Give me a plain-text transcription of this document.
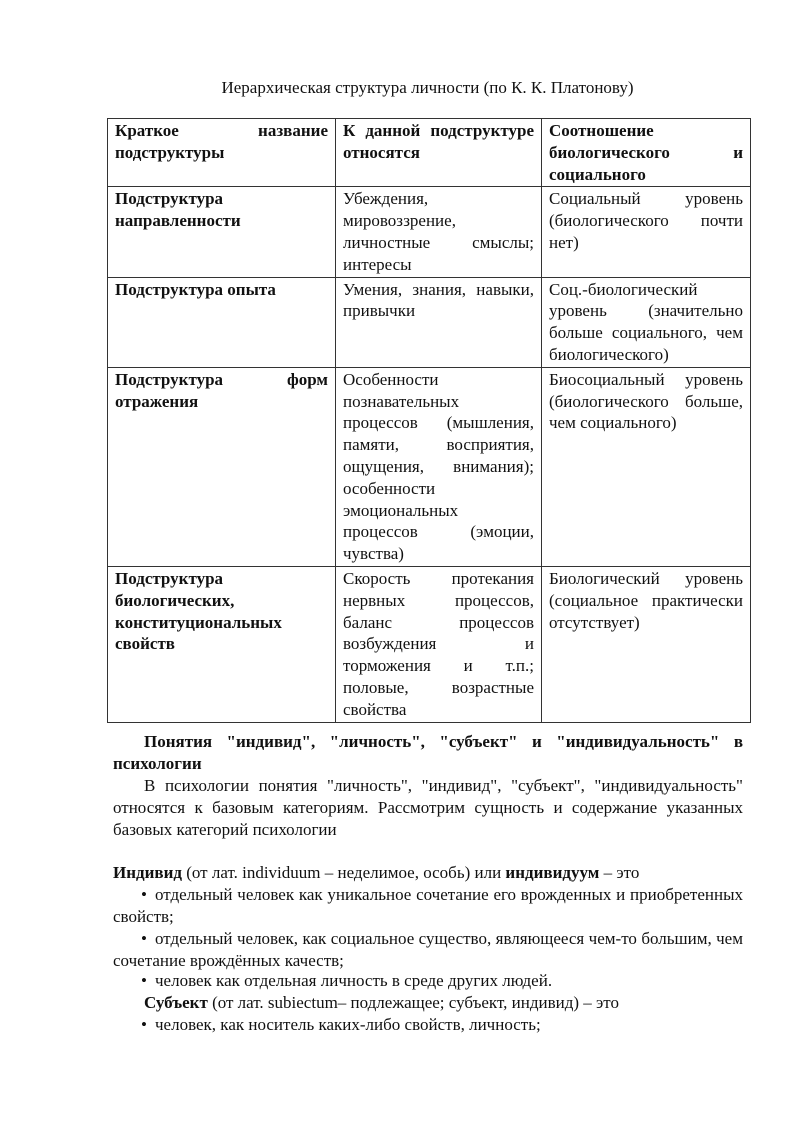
Иерархическая структура личности (по К. К. Платонову)
Краткое название подструктуры	К данной подструктуре относятся	Соотношение биологического и социального
Подструктура направленности	Убеждения, мировоззрение, личностные смыслы; интересы	Социальный уровень (биологического почти нет)
Подструктура опыта	Умения, знания, навыки, привычки	Соц.-биологический уровень (значительно больше социального, чем биологического)
Подструктура форм отражения	Особенности познавательных процессов (мышления, памяти, восприятия, ощущения, внимания); особенности эмоциональных процессов (эмоции, чувства)	Биосоциальный уровень (биологического больше, чем социального)
Подструктура биологических, конституциональных свойств	Скорость протекания нервных процессов, баланс процессов возбуждения и торможения и т.п.; половые, возрастные свойства	Биологический уровень (социальное практически отсутствует)
Понятия "индивид", "личность", "субъект" и "индивидуальность" в психологии
В психологии понятия "личность", "индивид", "субъект", "индивидуальность" относятся к базовым категориям. Рассмотрим сущность и содержание указанных базовых категорий психологии
Индивид (от лат. individuum – неделимое, особь) или индивидуум – это
• отдельный человек как уникальное сочетание его врожденных и приобретенных свойств;
• отдельный человек, как социальное существо, являющееся чем-то большим, чем сочетание врождённых качеств;
• человек как отдельная личность в среде других людей.
Субъект (от лат. subiectum– подлежащее; субъект, индивид) – это
• человек, как носитель каких-либо свойств, личность;
